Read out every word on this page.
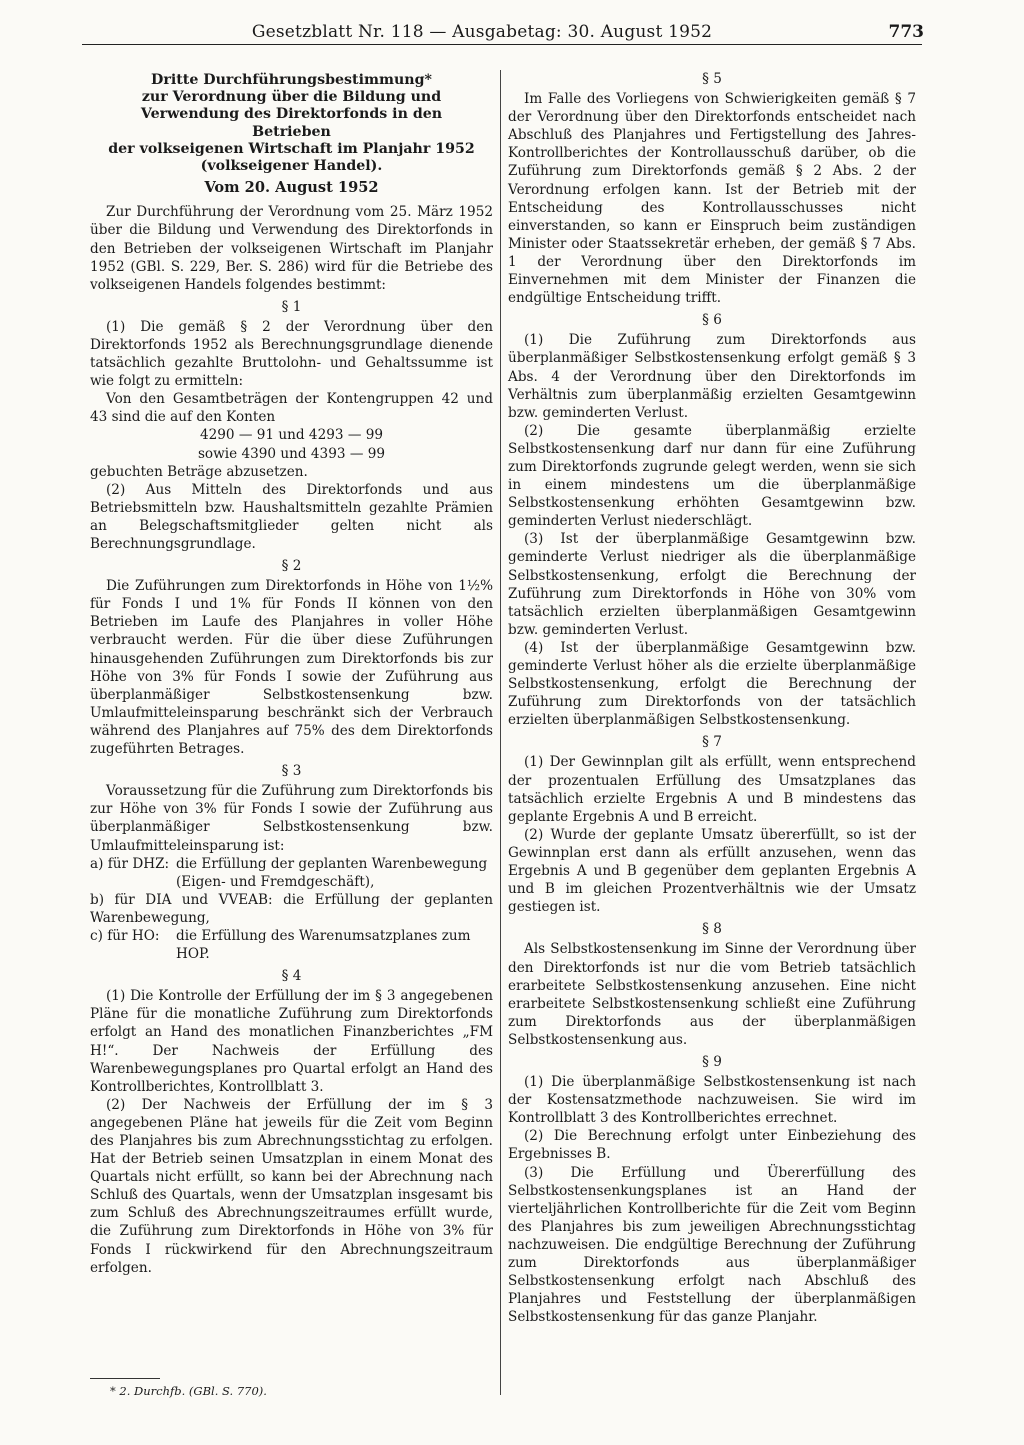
Gesetzblatt Nr. 118 — Ausgabetag: 30. August 1952	773
Dritte Durchführungsbestimmung*
zur Verordnung über die Bildung und
Verwendung des Direktorfonds in den Betrieben
der volkseigenen Wirtschaft im Planjahr 1952
(volkseigener Handel).
Vom 20. August 1952

Zur Durchführung der Verordnung vom 25. März 1952 über die Bildung und Verwendung des Direktorfonds in den Betrieben der volkseigenen Wirtschaft im Planjahr 1952 (GBl. S. 229, Ber. S. 286) wird für die Betriebe des volkseigenen Handels folgendes bestimmt:

§ 1

(1) Die gemäß § 2 der Verordnung über den Direktorfonds 1952 als Berechnungsgrundlage dienende tatsächlich gezahlte Bruttolohn- und Gehaltssumme ist wie folgt zu ermitteln:

Von den Gesamtbeträgen der Kontengruppen 42 und 43 sind die auf den Konten

4290 — 91 und 4293 — 99

sowie 4390 und 4393 — 99

gebuchten Beträge abzusetzen.

(2) Aus Mitteln des Direktorfonds und aus Betriebsmitteln bzw. Haushaltsmitteln gezahlte Prämien an Belegschaftsmitglieder gelten nicht als Berechnungsgrundlage.

§ 2

Die Zuführungen zum Direktorfonds in Höhe von 1½% für Fonds I und 1% für Fonds II können von den Betrieben im Laufe des Planjahres in voller Höhe verbraucht werden. Für die über diese Zuführungen hinausgehenden Zuführungen zum Direktorfonds bis zur Höhe von 3% für Fonds I sowie der Zuführung aus überplanmäßiger Selbstkostensenkung bzw. Umlaufmitteleinsparung beschränkt sich der Verbrauch während des Planjahres auf 75% des dem Direktorfonds zugeführten Betrages.

§ 3

Voraussetzung für die Zuführung zum Direktorfonds bis zur Höhe von 3% für Fonds I sowie der Zuführung aus überplanmäßiger Selbstkostensenkung bzw. Umlaufmitteleinsparung ist:

a) für DHZ: die Erfüllung der geplanten Warenbewegung (Eigen- und Fremdgeschäft),

b) für DIA und VVEAB: die Erfüllung der geplanten Warenbewegung,

c) für HO:	die Erfüllung des Warenumsatzplanes zum HOP.
§ 4

(1) Die Kontrolle der Erfüllung der im § 3 angegebenen Pläne für die monatliche Zuführung zum Direktorfonds erfolgt an Hand des monatlichen Finanzberichtes „FM H!“. Der Nachweis der Erfüllung des Warenbewegungsplanes pro Quartal erfolgt an Hand des Kontrollberichtes, Kontrollblatt 3.

(2) Der Nachweis der Erfüllung der im § 3 angegebenen Pläne hat jeweils für die Zeit vom Beginn des Planjahres bis zum Abrechnungsstichtag zu erfolgen. Hat der Betrieb seinen Umsatzplan in einem Monat des Quartals nicht erfüllt, so kann bei der Abrechnung nach Schluß des Quartals, wenn der Umsatzplan insgesamt bis zum Schluß des Abrechnungszeitraumes erfüllt wurde, die Zuführung zum Direktorfonds in Höhe von 3% für Fonds I rückwirkend für den Abrechnungszeitraum erfolgen.

§ 5

Im Falle des Vorliegens von Schwierigkeiten gemäß § 7 der Verordnung über den Direktorfonds entscheidet nach Abschluß des Planjahres und Fertigstellung des Jahres-Kontrollberichtes der Kontrollausschuß darüber, ob die Zuführung zum Direktorfonds gemäß § 2 Abs. 2 der Verordnung erfolgen kann. Ist der Betrieb mit der Entscheidung des Kontrollausschusses nicht einverstanden, so kann er Einspruch beim zuständigen Minister oder Staatssekretär erheben, der gemäß § 7 Abs. 1 der Verordnung über den Direktorfonds im Einvernehmen mit dem Minister der Finanzen die endgültige Entscheidung trifft.

§ 6

(1) Die Zuführung zum Direktorfonds aus überplanmäßiger Selbstkostensenkung erfolgt gemäß § 3 Abs. 4 der Verordnung über den Direktorfonds im Verhältnis zum überplanmäßig erzielten Gesamtgewinn bzw. geminderten Verlust.

(2) Die gesamte überplanmäßig erzielte Selbstkostensenkung darf nur dann für eine Zuführung zum Direktorfonds zugrunde gelegt werden, wenn sie sich in einem mindestens um die überplanmäßige Selbstkostensenkung erhöhten Gesamtgewinn bzw. geminderten Verlust niederschlägt.

(3) Ist der überplanmäßige Gesamtgewinn bzw. geminderte Verlust niedriger als die überplanmäßige Selbstkostensenkung, erfolgt die Berechnung der Zuführung zum Direktorfonds in Höhe von 30% vom tatsächlich erzielten überplanmäßigen Gesamtgewinn bzw. geminderten Verlust.

(4) Ist der überplanmäßige Gesamtgewinn bzw. geminderte Verlust höher als die erzielte überplanmäßige Selbstkostensenkung, erfolgt die Berechnung der Zuführung zum Direktorfonds von der tatsächlich erzielten überplanmäßigen Selbstkostensenkung.

§ 7

(1) Der Gewinnplan gilt als erfüllt, wenn entsprechend der prozentualen Erfüllung des Umsatzplanes das tatsächlich erzielte Ergebnis A und B mindestens das geplante Ergebnis A und B erreicht.

(2) Wurde der geplante Umsatz übererfüllt, so ist der Gewinnplan erst dann als erfüllt anzusehen, wenn das Ergebnis A und B gegenüber dem geplanten Ergebnis A und B im gleichen Prozentverhältnis wie der Umsatz gestiegen ist.

§ 8

Als Selbstkostensenkung im Sinne der Verordnung über den Direktorfonds ist nur die vom Betrieb tatsächlich erarbeitete Selbstkostensenkung anzusehen. Eine nicht erarbeitete Selbstkostensenkung schließt eine Zuführung zum Direktorfonds aus der überplanmäßigen Selbstkostensenkung aus.

§ 9

(1) Die überplanmäßige Selbstkostensenkung ist nach der Kostensatzmethode nachzuweisen. Sie wird im Kontrollblatt 3 des Kontrollberichtes errechnet.

(2) Die Berechnung erfolgt unter Einbeziehung des Ergebnisses B.

(3) Die Erfüllung und Übererfüllung des Selbstkostensenkungsplanes ist an Hand der vierteljährlichen Kontrollberichte für die Zeit vom Beginn des Planjahres bis zum jeweiligen Abrechnungsstichtag nachzuweisen. Die endgültige Berechnung der Zuführung zum Direktorfonds aus überplanmäßiger Selbstkostensenkung erfolgt nach Abschluß des Planjahres und Feststellung der überplanmäßigen Selbstkostensenkung für das ganze Planjahr.

* 2. Durchfb. (GBl. S. 770).
